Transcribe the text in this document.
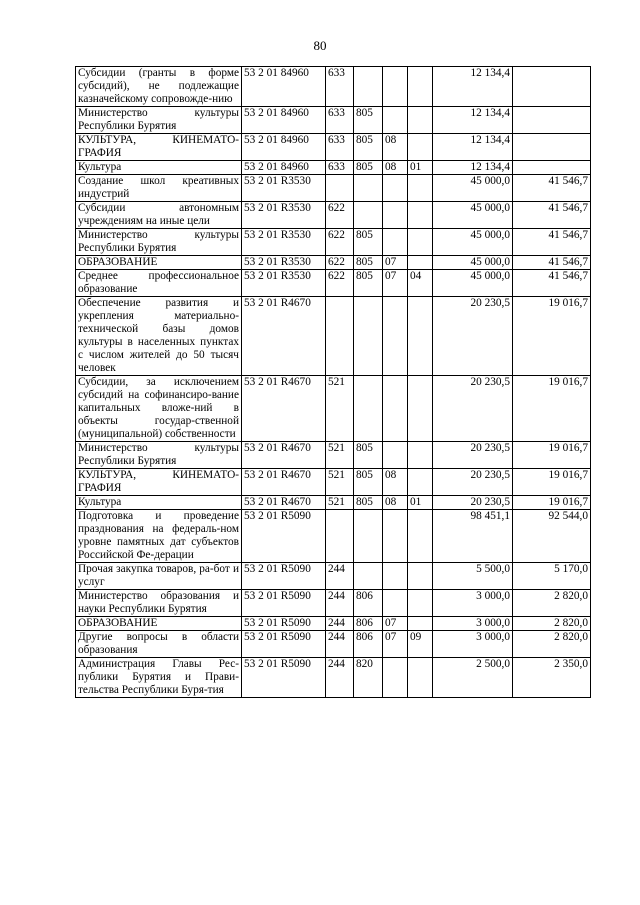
80
Субсидии (гранты в форме субсидий), не подлежащие казначейскому сопровожде-нию	53 2 01 84960	633				12 134,4	
Министерство культуры Республики Бурятия	53 2 01 84960	633	805			12 134,4	
КУЛЬТУРА, КИНЕМАТО-ГРАФИЯ	53 2 01 84960	633	805	08		12 134,4	
Культура	53 2 01 84960	633	805	08	01	12 134,4	
Создание школ креативных индустрий	53 2 01 R3530					45 000,0	41 546,7
Субсидии автономным учреждениям на иные цели	53 2 01 R3530	622				45 000,0	41 546,7
Министерство культуры Республики Бурятия	53 2 01 R3530	622	805			45 000,0	41 546,7
ОБРАЗОВАНИЕ	53 2 01 R3530	622	805	07		45 000,0	41 546,7
Среднее профессиональное образование	53 2 01 R3530	622	805	07	04	45 000,0	41 546,7
Обеспечение развития и укрепления материально-технической базы домов культуры в населенных пунктах с числом жителей до 50 тысяч человек	53 2 01 R4670					20 230,5	19 016,7
Субсидии, за исключением субсидий на софинансиро-вание капитальных вложе-ний в объекты государ-ственной (муниципальной) собственности	53 2 01 R4670	521				20 230,5	19 016,7
Министерство культуры Республики Бурятия	53 2 01 R4670	521	805			20 230,5	19 016,7
КУЛЬТУРА, КИНЕМАТО-ГРАФИЯ	53 2 01 R4670	521	805	08		20 230,5	19 016,7
Культура	53 2 01 R4670	521	805	08	01	20 230,5	19 016,7
Подготовка и проведение празднования на федераль-ном уровне памятных дат субъектов Российской Фе-дерации	53 2 01 R5090					98 451,1	92 544,0
Прочая закупка товаров, ра-бот и услуг	53 2 01 R5090	244				5 500,0	5 170,0
Министерство образования и науки Республики Бурятия	53 2 01 R5090	244	806			3 000,0	2 820,0
ОБРАЗОВАНИЕ	53 2 01 R5090	244	806	07		3 000,0	2 820,0
Другие вопросы в области образования	53 2 01 R5090	244	806	07	09	3 000,0	2 820,0
Администрация Главы Рес-публики Бурятия и Прави-тельства Республики Буря-тия	53 2 01 R5090	244	820			2 500,0	2 350,0
